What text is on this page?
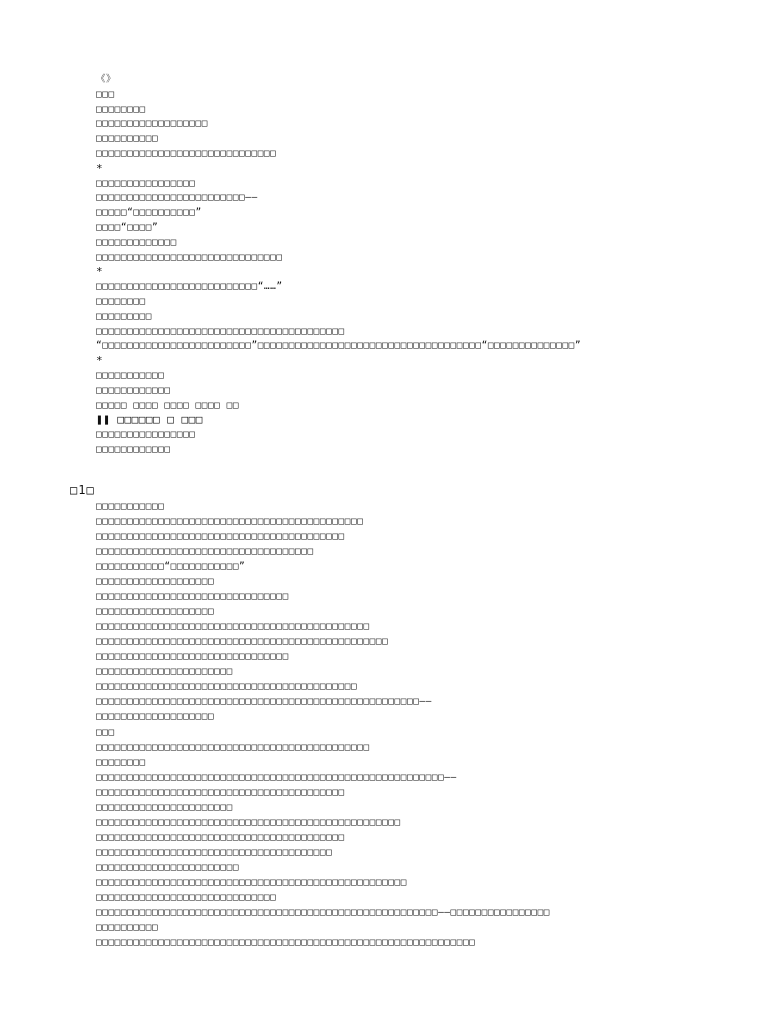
《》
□□□
□□□□□□□□
□□□□□□□□□□□□□□□□□□
□□□□□□□□□□
□□□□□□□□□□□□□□□□□□□□□□□□□□□□□
*
□□□□□□□□□□□□□□□□
□□□□□□□□□□□□□□□□□□□□□□□□——
□□□□□“□□□□□□□□□□”
□□□□“□□□□”
□□□□□□□□□□□□□
□□□□□□□□□□□□□□□□□□□□□□□□□□□□□□
*
□□□□□□□□□□□□□□□□□□□□□□□□□□“……”
□□□□□□□□
□□□□□□□□□
□□□□□□□□□□□□□□□□□□□□□□□□□□□□□□□□□□□□□□□□
“□□□□□□□□□□□□□□□□□□□□□□□□”□□□□□□□□□□□□□□□□□□□□□□□□□□□□□□□□□□□□“□□□□□□□□□□□□□□”
*
□□□□□□□□□□□
□□□□□□□□□□□□
□□□□□ □□□□ □□□□ □□□□ □□
❚❚ □□□□□□ □ □□□
□□□□□□□□□□□□□□□□
□□□□□□□□□□□□
□1□
□□□□□□□□□□□
□□□□□□□□□□□□□□□□□□□□□□□□□□□□□□□□□□□□□□□□□□□
□□□□□□□□□□□□□□□□□□□□□□□□□□□□□□□□□□□□□□□□
□□□□□□□□□□□□□□□□□□□□□□□□□□□□□□□□□□□
□□□□□□□□□□□“□□□□□□□□□□□”
□□□□□□□□□□□□□□□□□□□
□□□□□□□□□□□□□□□□□□□□□□□□□□□□□□□
□□□□□□□□□□□□□□□□□□□
□□□□□□□□□□□□□□□□□□□□□□□□□□□□□□□□□□□□□□□□□□□□
□□□□□□□□□□□□□□□□□□□□□□□□□□□□□□□□□□□□□□□□□□□□□□□
□□□□□□□□□□□□□□□□□□□□□□□□□□□□□□□
□□□□□□□□□□□□□□□□□□□□□□
□□□□□□□□□□□□□□□□□□□□□□□□□□□□□□□□□□□□□□□□□□
□□□□□□□□□□□□□□□□□□□□□□□□□□□□□□□□□□□□□□□□□□□□□□□□□□□□——
□□□□□□□□□□□□□□□□□□□
□□□
□□□□□□□□□□□□□□□□□□□□□□□□□□□□□□□□□□□□□□□□□□□□
□□□□□□□□
□□□□□□□□□□□□□□□□□□□□□□□□□□□□□□□□□□□□□□□□□□□□□□□□□□□□□□□□——
□□□□□□□□□□□□□□□□□□□□□□□□□□□□□□□□□□□□□□□□
□□□□□□□□□□□□□□□□□□□□□□
□□□□□□□□□□□□□□□□□□□□□□□□□□□□□□□□□□□□□□□□□□□□□□□□□
□□□□□□□□□□□□□□□□□□□□□□□□□□□□□□□□□□□□□□□□
□□□□□□□□□□□□□□□□□□□□□□□□□□□□□□□□□□□□□□
□□□□□□□□□□□□□□□□□□□□□□□
□□□□□□□□□□□□□□□□□□□□□□□□□□□□□□□□□□□□□□□□□□□□□□□□□□
□□□□□□□□□□□□□□□□□□□□□□□□□□□□□
□□□□□□□□□□□□□□□□□□□□□□□□□□□□□□□□□□□□□□□□□□□□□□□□□□□□□□□——□□□□□□□□□□□□□□□□
□□□□□□□□□□
□□□□□□□□□□□□□□□□□□□□□□□□□□□□□□□□□□□□□□□□□□□□□□□□□□□□□□□□□□□□□
